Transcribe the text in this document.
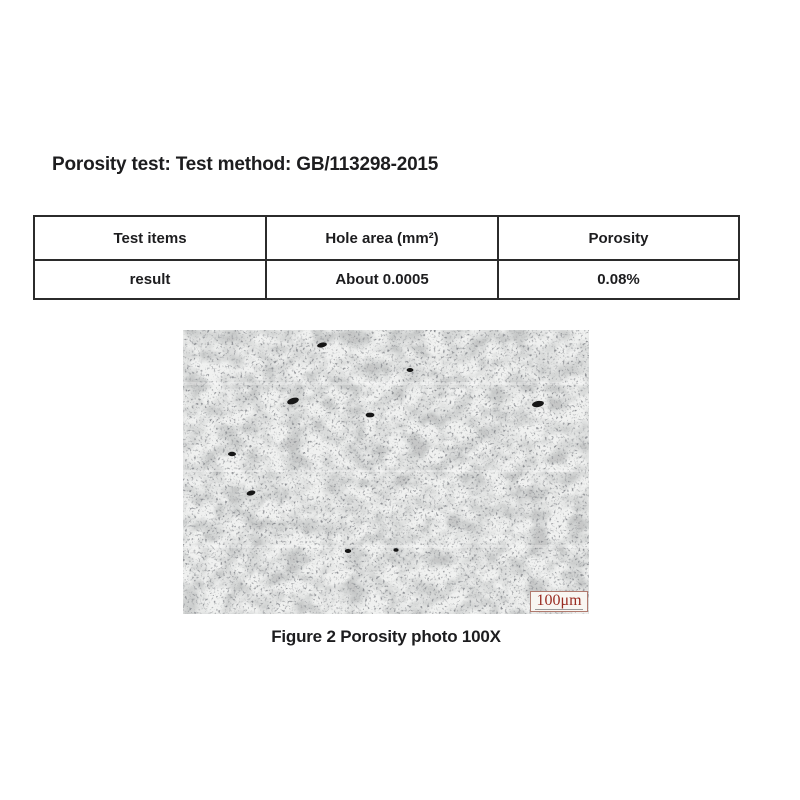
Porosity test: Test method: GB/113298-2015
Test items	Hole area (mm²)	Porosity
result	About 0.0005	0.08%
100μm
Figure 2 Porosity photo 100X
